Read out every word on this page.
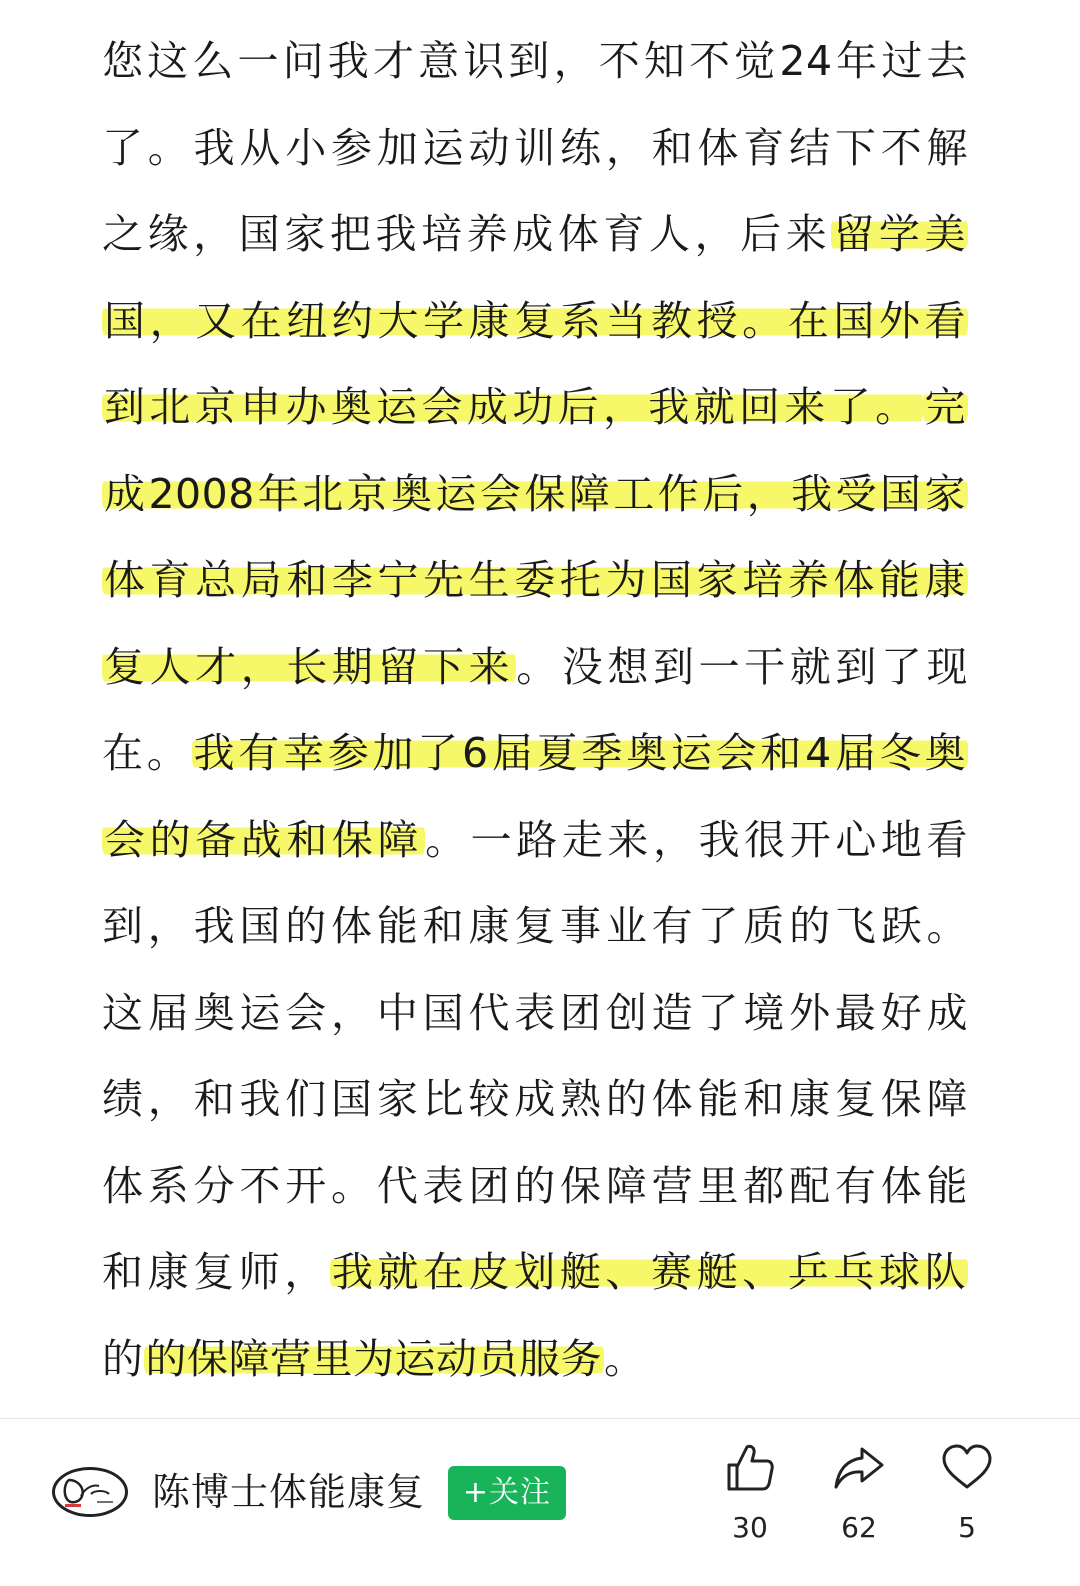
您这么一问我才意识到，不知不觉24年过去
了。我从小参加运动训练，和体育结下不解
之缘，国家把我培养成体育人，后来留学美
国，又在纽约大学康复系当教授。在国外看
到北京申办奥运会成功后，我就回来了。完
成2008年北京奥运会保障工作后，我受国家
体育总局和李宁先生委托为国家培养体能康
复人才，长期留下来。没想到一干就到了现
在。我有幸参加了6届夏季奥运会和4届冬奥
会的备战和保障。一路走来，我很开心地看
到，我国的体能和康复事业有了质的飞跃。
这届奥运会，中国代表团创造了境外最好成
绩，和我们国家比较成熟的体能和康复保障
体系分不开。代表团的保障营里都配有体能
和康复师，我就在皮划艇、赛艇、乒乓球队
的的保障营里为运动员服务。
陈博士体能康复	+关注
30	62	5
